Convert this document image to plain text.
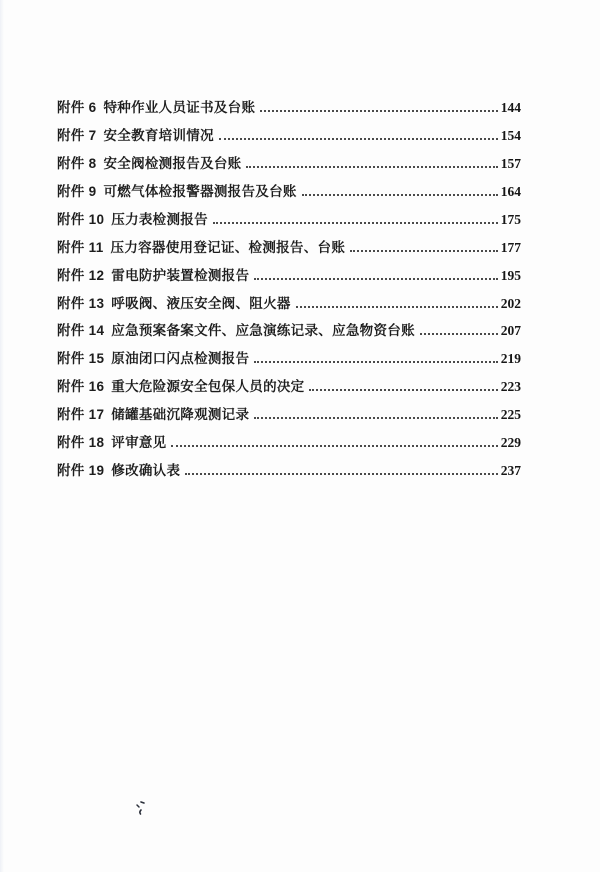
附件 6 特种作业人员证书及台账	144
附件 7 安全教育培训情况	154
附件 8 安全阀检测报告及台账	157
附件 9 可燃气体检报警器测报告及台账	164
附件 10 压力表检测报告	175
附件 11 压力容器使用登记证、检测报告、台账	177
附件 12 雷电防护装置检测报告	195
附件 13 呼吸阀、液压安全阀、阻火器	202
附件 14 应急预案备案文件、应急演练记录、应急物资台账	207
附件 15 原油闭口闪点检测报告	219
附件 16 重大危险源安全包保人员的决定	223
附件 17 储罐基础沉降观测记录	225
附件 18 评审意见	229
附件 19 修改确认表	237
